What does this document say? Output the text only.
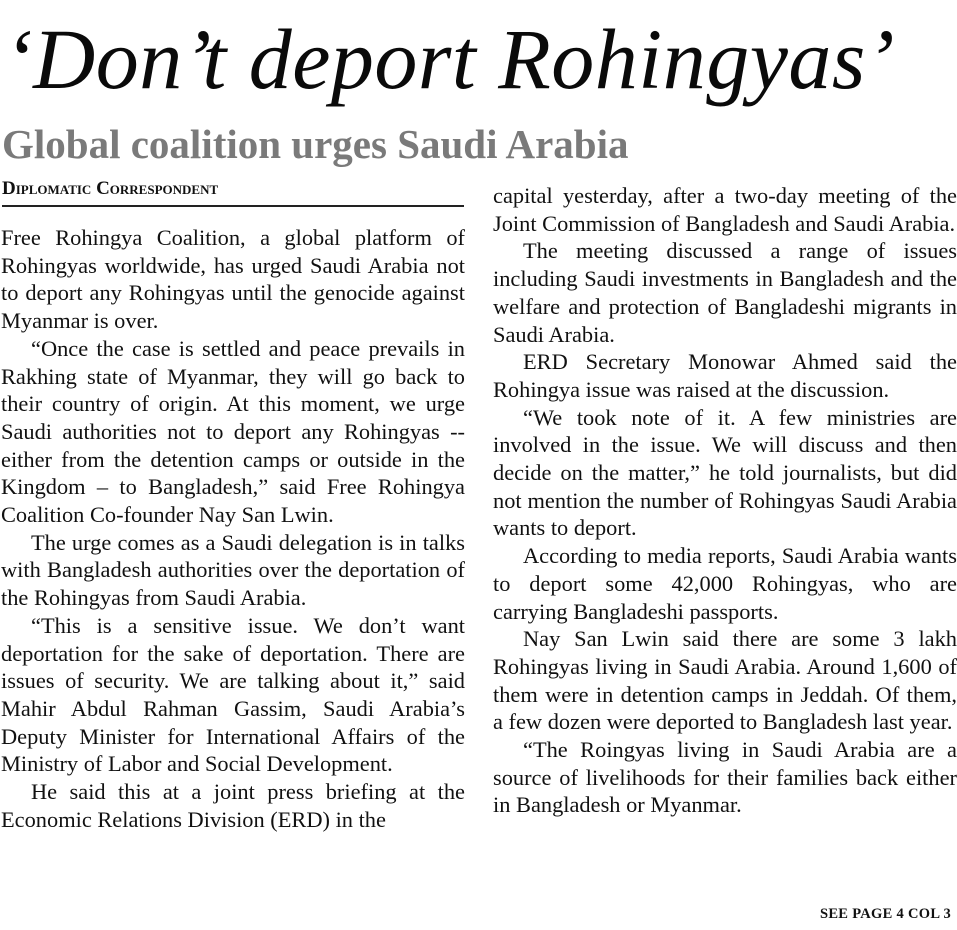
‘Don’t deport Rohingyas’
Global coalition urges Saudi Arabia
Diplomatic Correspondent

Free Rohingya Coalition, a global platform of Rohingyas worldwide, has urged Saudi Arabia not to deport any Rohingyas until the genocide against Myanmar is over.

“Once the case is settled and peace prevails in Rakhing state of Myanmar, they will go back to their country of origin. At this moment, we urge Saudi authorities not to deport any Rohingyas -- either from the detention camps or outside in the Kingdom – to Bangladesh,” said Free Rohingya Coalition Co-founder Nay San Lwin.

The urge comes as a Saudi delegation is in talks with Bangladesh authorities over the deportation of the Rohingyas from Saudi Arabia.

“This is a sensitive issue. We don’t want deportation for the sake of deportation. There are issues of security. We are talking about it,” said Mahir Abdul Rahman Gassim, Saudi Arabia’s Deputy Minister for International Affairs of the Ministry of Labor and Social Development.

He said this at a joint press briefing at the Economic Relations Division (ERD) in the

capital yesterday, after a two-day meeting of the Joint Commission of Bangladesh and Saudi Arabia.

The meeting discussed a range of issues including Saudi investments in Bangladesh and the welfare and protection of Bangladeshi migrants in Saudi Arabia.

ERD Secretary Monowar Ahmed said the Rohingya issue was raised at the discussion.

“We took note of it. A few ministries are involved in the issue. We will discuss and then decide on the matter,” he told journalists, but did not mention the number of Rohingyas Saudi Arabia wants to deport.

According to media reports, Saudi Arabia wants to deport some 42,000 Rohingyas, who are carrying Bangladeshi passports.

Nay San Lwin said there are some 3 lakh Rohingyas living in Saudi Arabia. Around 1,600 of them were in detention camps in Jeddah. Of them, a few dozen were deported to Bangladesh last year.

“The Roingyas living in Saudi Arabia are a source of livelihoods for their families back either in Bangladesh or Myanmar.

SEE PAGE 4 COL 3
